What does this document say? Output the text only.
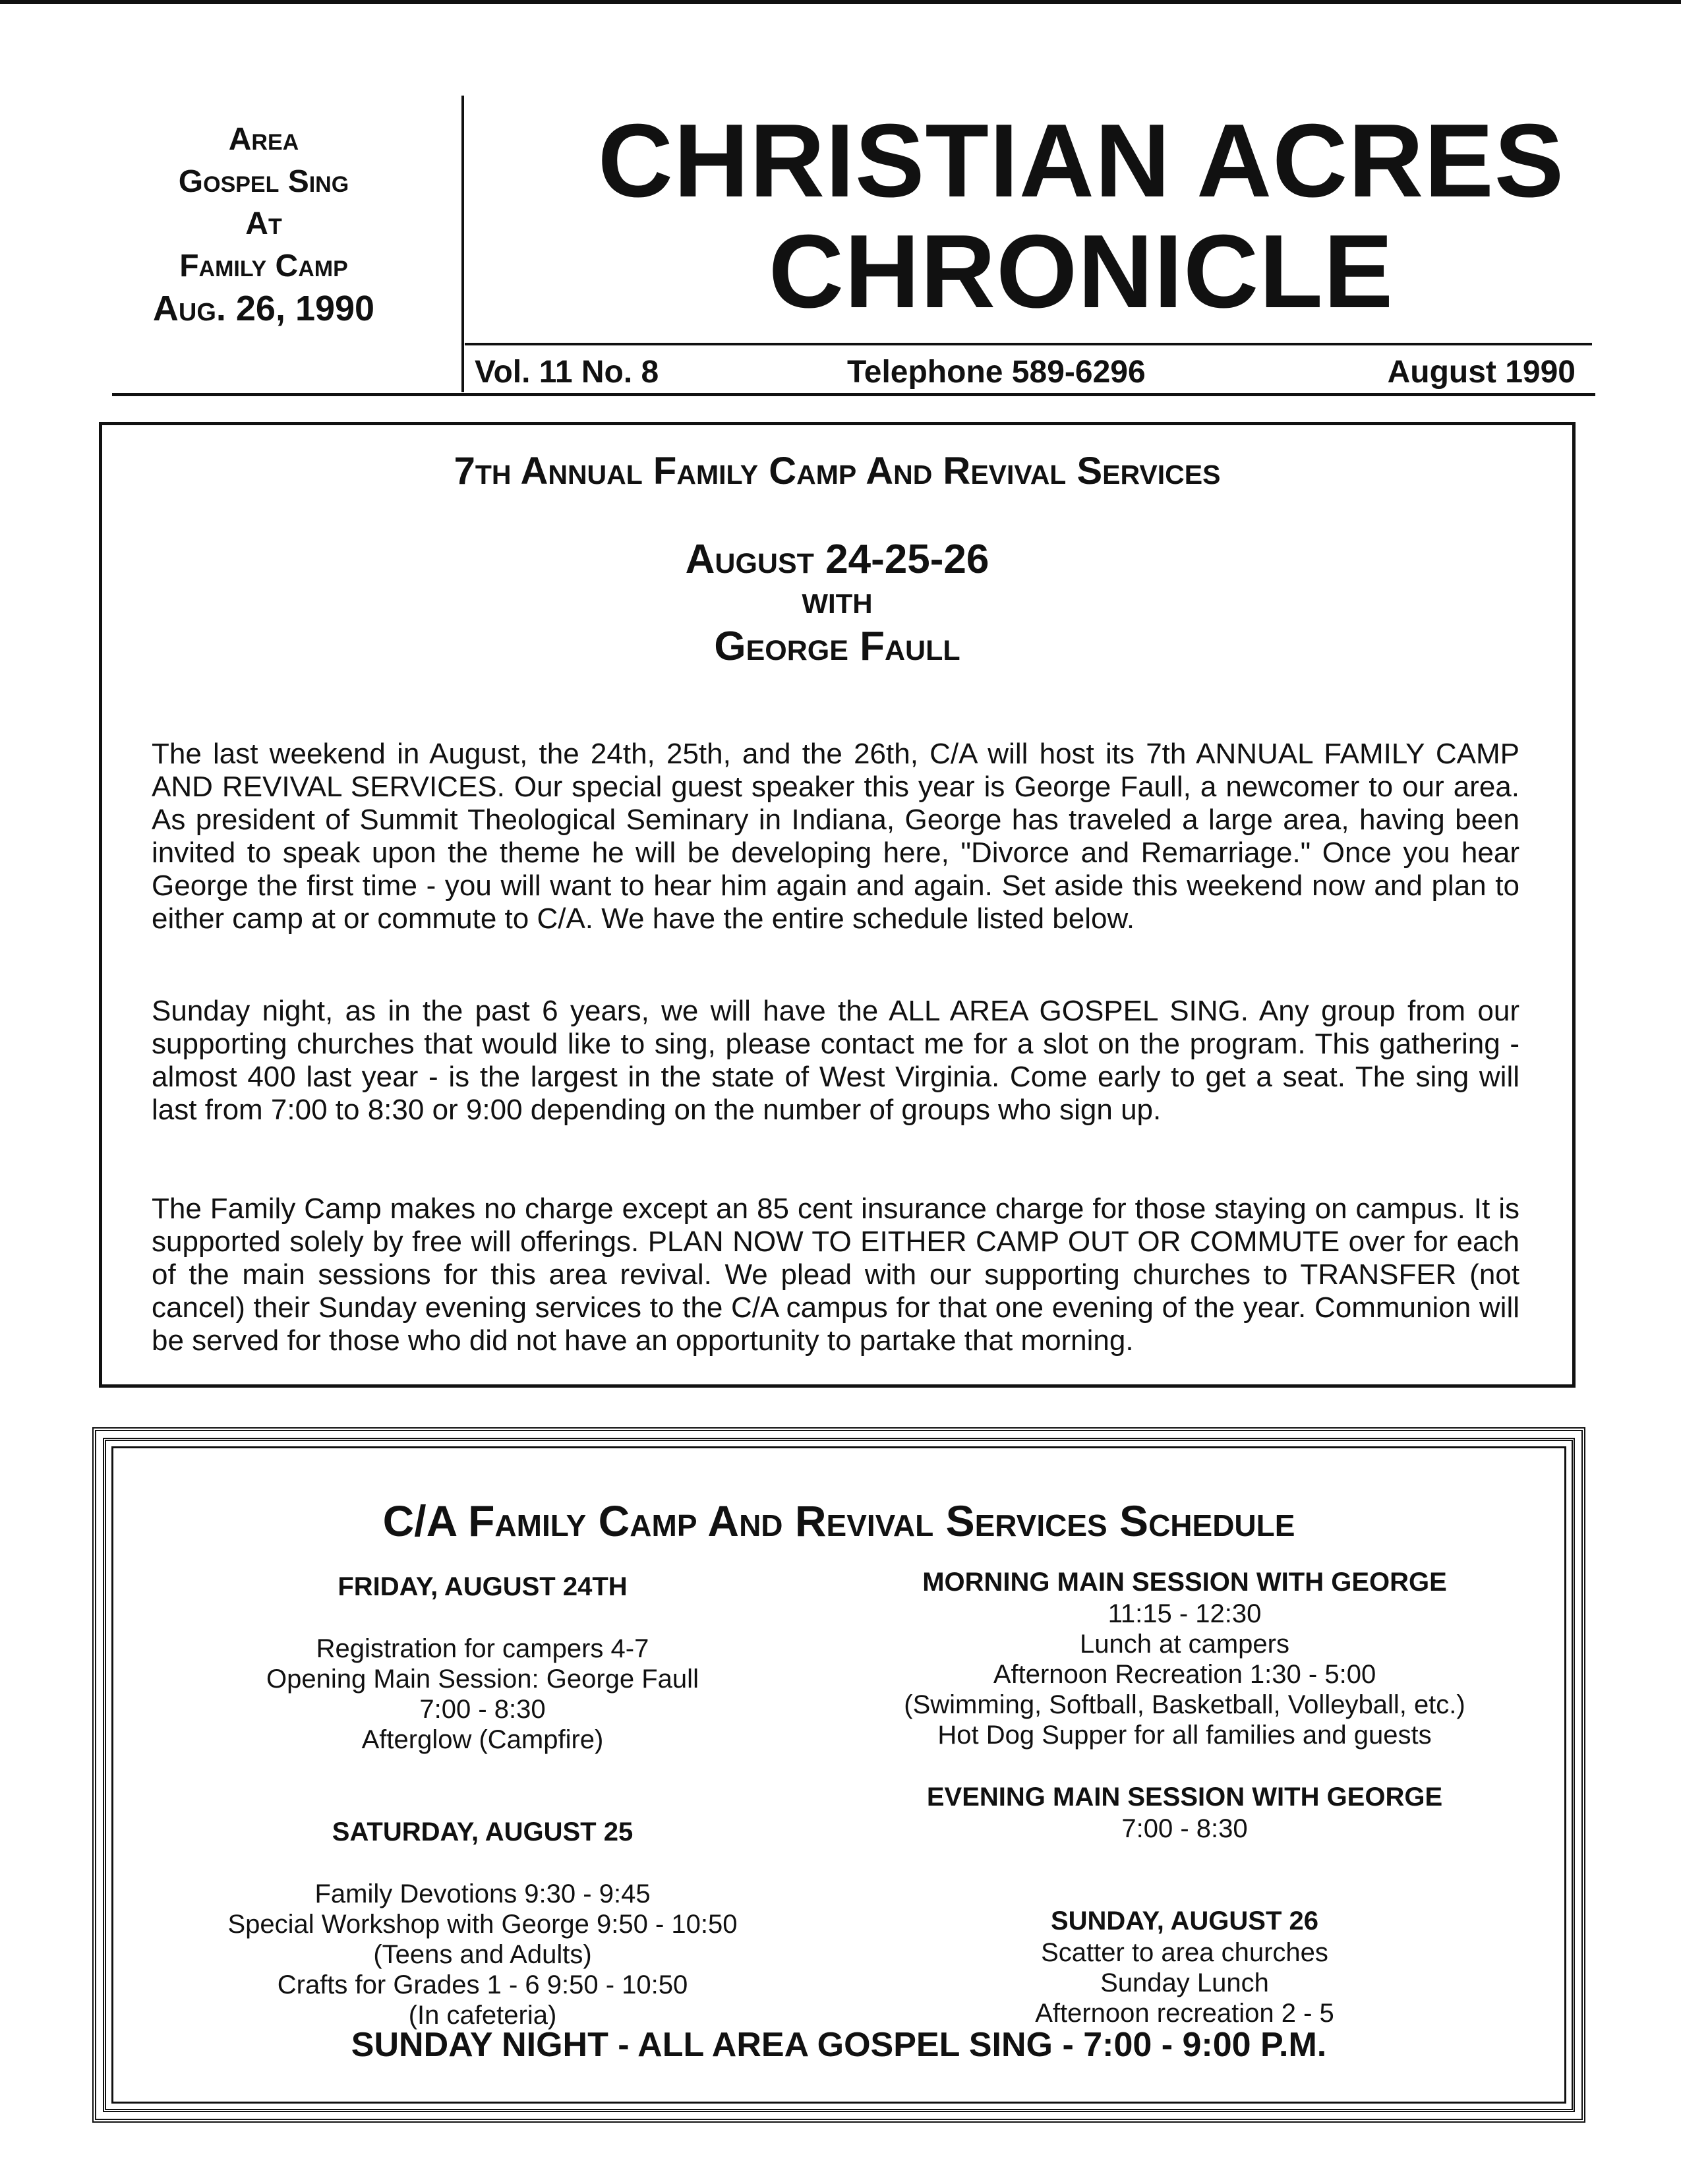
Area
Gospel Sing
At
Family Camp
Aug. 26, 1990
CHRISTIAN ACRES
CHRONICLE
Vol. 11 No. 8	Telephone 589-6296	August 1990
7th Annual Family Camp And Revival Services
August 24-25-26
WITH
George Faull

The last weekend in August, the 24th, 25th, and the 26th, C/A will host its 7th ANNUAL FAMILY CAMP AND REVIVAL SERVICES. Our special guest speaker this year is George Faull, a newcomer to our area. As president of Summit Theological Seminary in Indiana, George has traveled a large area, having been invited to speak upon the theme he will be developing here, "Divorce and Remarriage." Once you hear George the first time - you will want to hear him again and again. Set aside this weekend now and plan to either camp at or commute to C/A. We have the entire schedule listed below.

Sunday night, as in the past 6 years, we will have the ALL AREA GOSPEL SING. Any group from our supporting churches that would like to sing, please contact me for a slot on the program. This gathering - almost 400 last year - is the largest in the state of West Virginia. Come early to get a seat. The sing will last from 7:00 to 8:30 or 9:00 depending on the number of groups who sign up.

The Family Camp makes no charge except an 85 cent insurance charge for those staying on campus. It is supported solely by free will offerings. PLAN NOW TO EITHER CAMP OUT OR COMMUTE over for each of the main sessions for this area revival. We plead with our supporting churches to TRANSFER (not cancel) their Sunday evening services to the C/A campus for that one evening of the year. Communion will be served for those who did not have an opportunity to partake that morning.

C/A Family Camp And Revival Services Schedule
FRIDAY, AUGUST 24TH
Registration for campers 4-7
Opening Main Session: George Faull
7:00 - 8:30
Afterglow (Campfire)
SATURDAY, AUGUST 25
Family Devotions 9:30 - 9:45
Special Workshop with George 9:50 - 10:50
(Teens and Adults)
Crafts for Grades 1 - 6 9:50 - 10:50
(In cafeteria)
MORNING MAIN SESSION WITH GEORGE
11:15 - 12:30
Lunch at campers
Afternoon Recreation 1:30 - 5:00
(Swimming, Softball, Basketball, Volleyball, etc.)
Hot Dog Supper for all families and guests
EVENING MAIN SESSION WITH GEORGE
7:00 - 8:30
SUNDAY, AUGUST 26
Scatter to area churches
Sunday Lunch
Afternoon recreation 2 - 5
SUNDAY NIGHT - ALL AREA GOSPEL SING - 7:00 - 9:00 P.M.
